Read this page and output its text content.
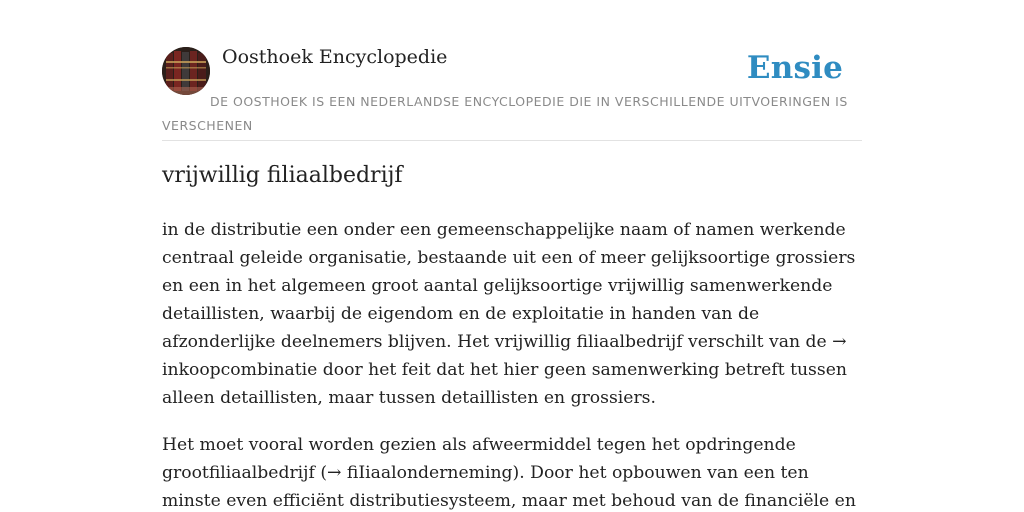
Oosthoek Encyclopedie	Ensie
DE OOSTHOEK IS EEN NEDERLANDSE ENCYCLOPEDIE DIE IN VERSCHILLENDE UITVOERINGEN IS VERSCHENEN
vrijwillig filiaalbedrijf

in de distributie een onder een gemeenschappelijke naam of namen werkende centraal geleide organisatie, bestaande uit een of meer gelijksoortige grossiers en een in het algemeen groot aantal gelijksoortige vrijwillig samenwerkende detaillisten, waarbij de eigendom en de exploitatie in handen van de afzonderlijke deelnemers blijven. Het vrijwillig filiaalbedrijf verschilt van de → inkoopcombinatie door het feit dat het hier geen samenwerking betreft tussen alleen detaillisten, maar tussen detaillisten en grossiers.

Het moet vooral worden gezien als afweermiddel tegen het opdringende grootfiliaalbedrijf (→ fiIiaalonderneming). Door het opbouwen van een ten minste even efficiënt distributiesysteem, maar met behoud van de financiële en
